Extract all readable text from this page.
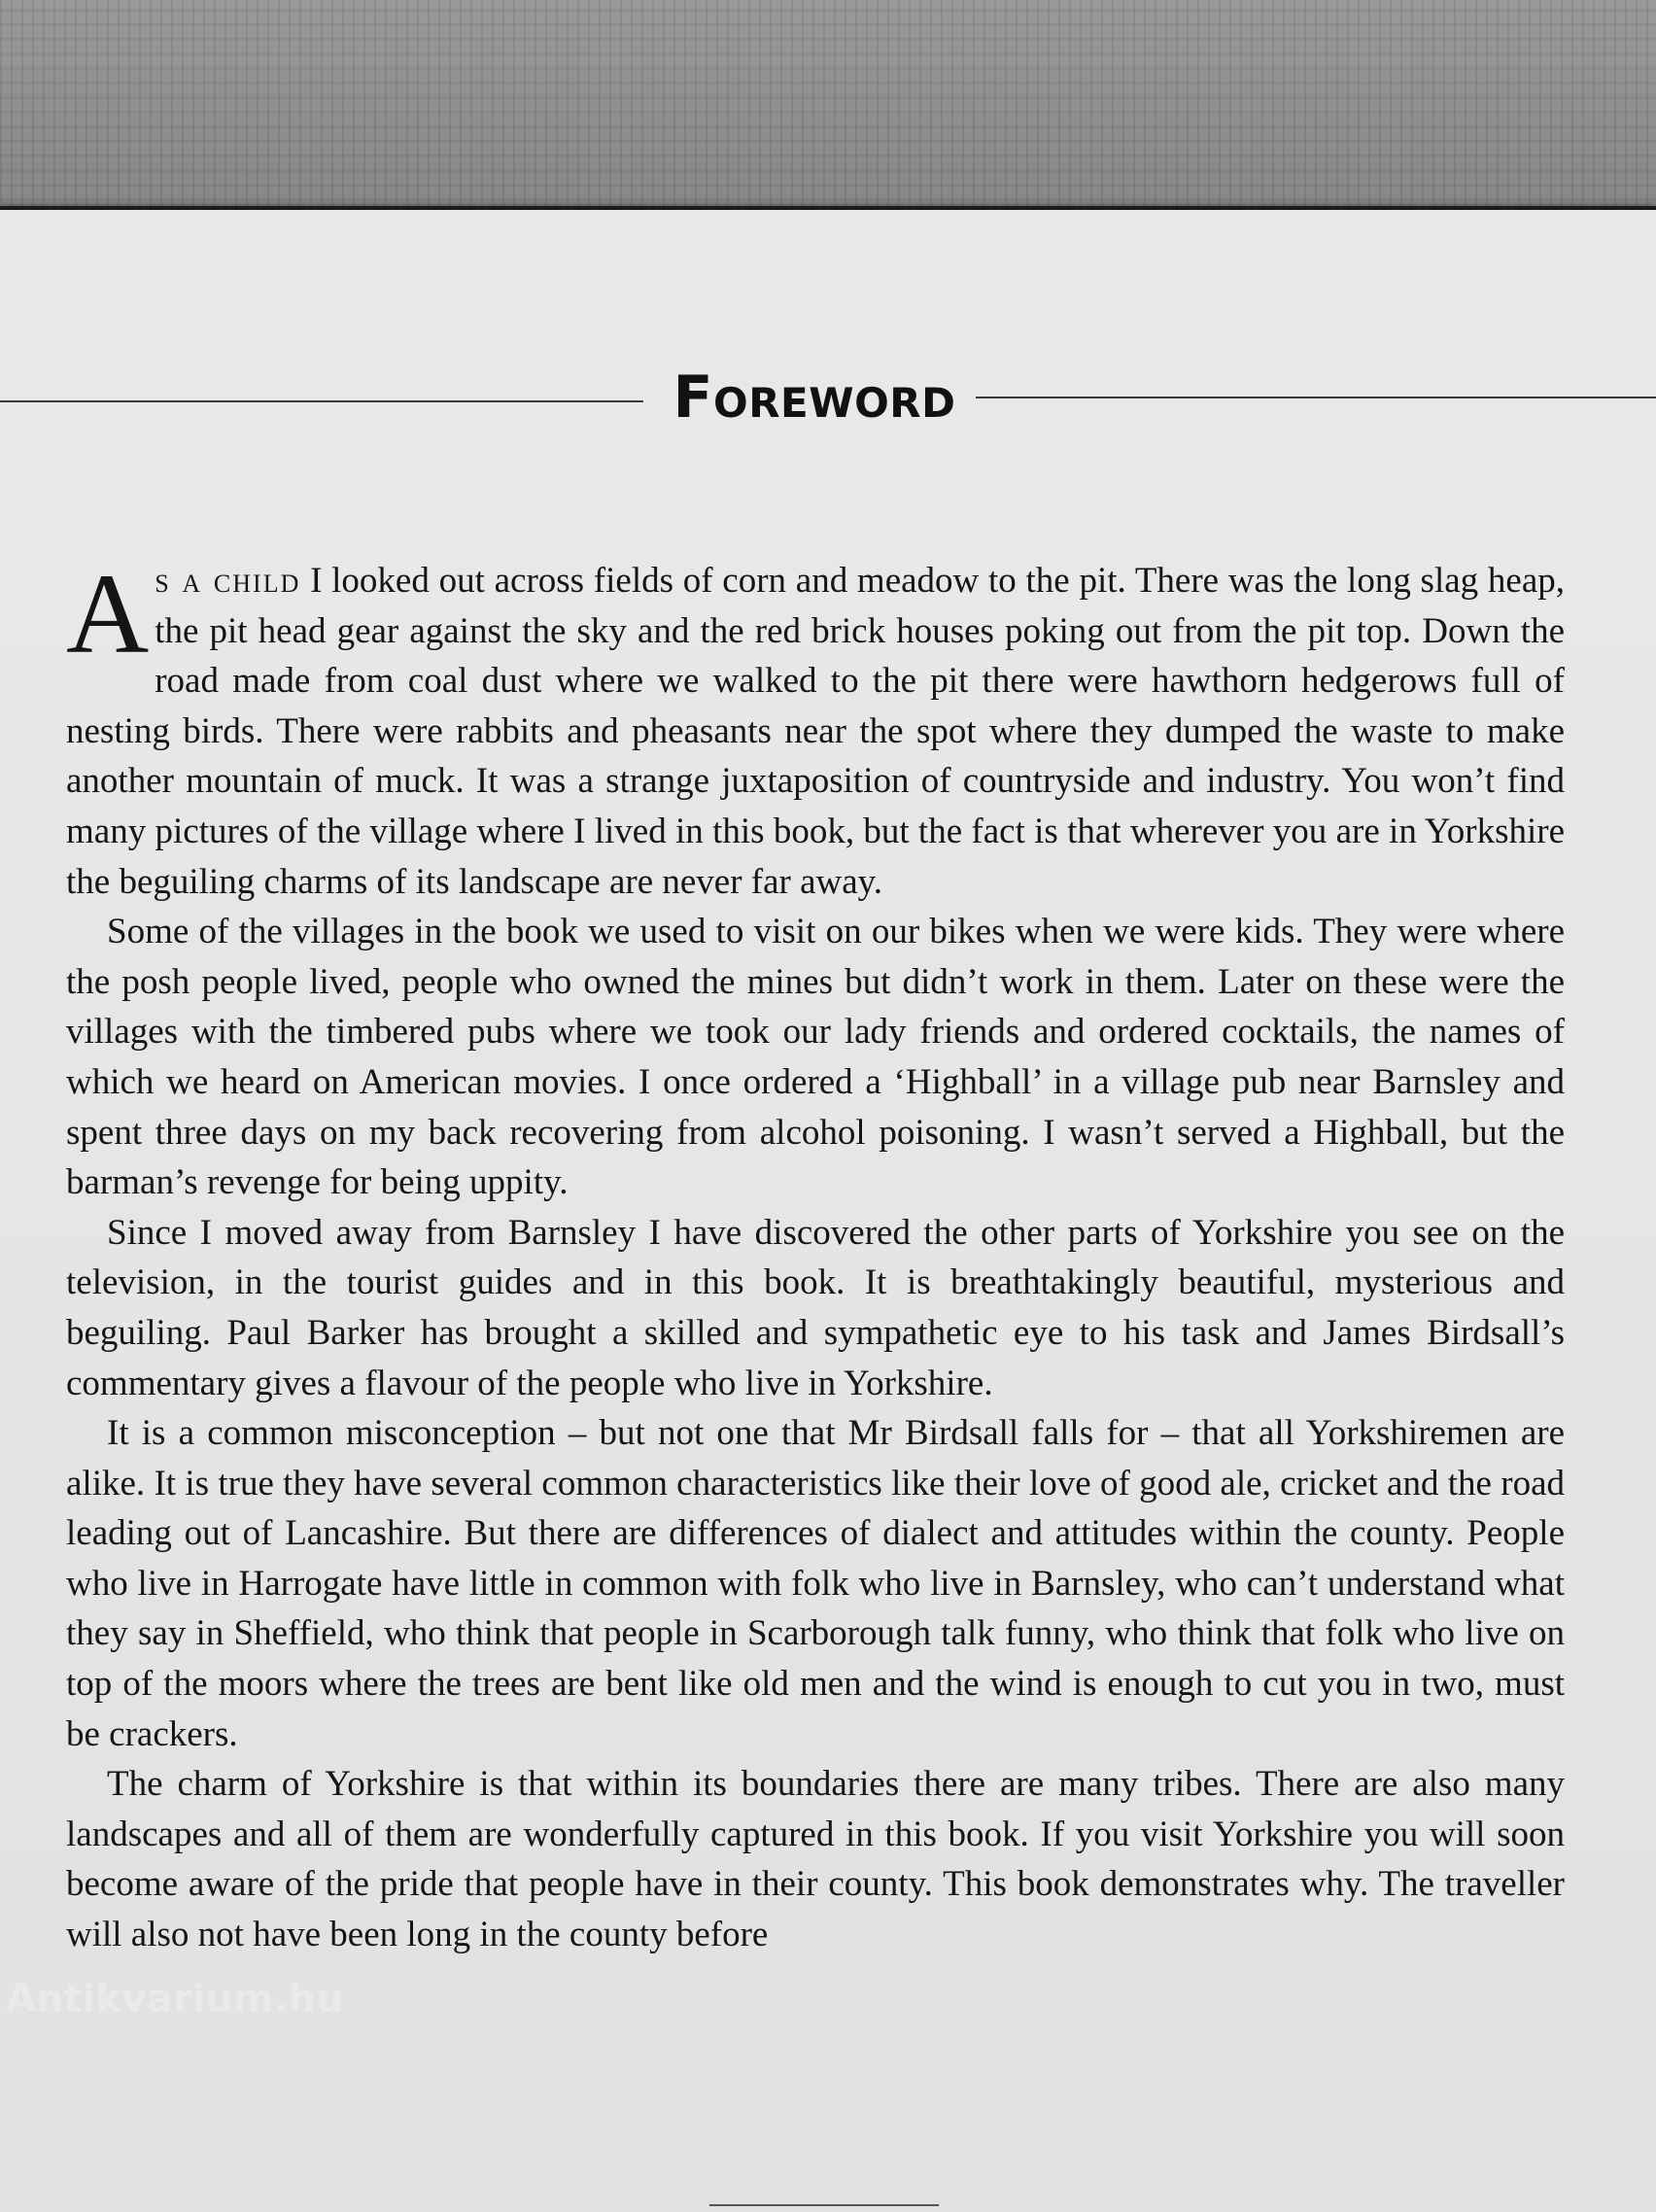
Foreword

As a child I looked out across fields of corn and meadow to the pit. There was the long slag heap, the pit head gear against the sky and the red brick houses poking out from the pit top. Down the road made from coal dust where we walked to the pit there were hawthorn hedgerows full of nesting birds. There were rabbits and pheasants near the spot where they dumped the waste to make another mountain of muck. It was a strange juxtaposition of countryside and industry. You won’t find many pictures of the village where I lived in this book, but the fact is that wherever you are in Yorkshire the beguiling charms of its landscape are never far away.

Some of the villages in the book we used to visit on our bikes when we were kids. They were where the posh people lived, people who owned the mines but didn’t work in them. Later on these were the villages with the timbered pubs where we took our lady friends and ordered cocktails, the names of which we heard on American movies. I once ordered a ‘Highball’ in a village pub near Barnsley and spent three days on my back recovering from alcohol poisoning. I wasn’t served a Highball, but the barman’s revenge for being uppity.

Since I moved away from Barnsley I have discovered the other parts of Yorkshire you see on the television, in the tourist guides and in this book. It is breathtakingly beautiful, mysterious and beguiling. Paul Barker has brought a skilled and sympathetic eye to his task and James Birdsall’s commentary gives a flavour of the people who live in Yorkshire.

It is a common misconception – but not one that Mr Birdsall falls for – that all Yorkshiremen are alike. It is true they have several common characteristics like their love of good ale, cricket and the road leading out of Lancashire. But there are differences of dialect and attitudes within the county. People who live in Harrogate have little in common with folk who live in Barnsley, who can’t understand what they say in Sheffield, who think that people in Scarborough talk funny, who think that folk who live on top of the moors where the trees are bent like old men and the wind is enough to cut you in two, must be crackers.

The charm of Yorkshire is that within its boundaries there are many tribes. There are also many landscapes and all of them are wonderfully captured in this book. If you visit Yorkshire you will soon become aware of the pride that people have in their county. This book demonstrates why. The traveller will also not have been long in the county before

Antikvarium.hu
